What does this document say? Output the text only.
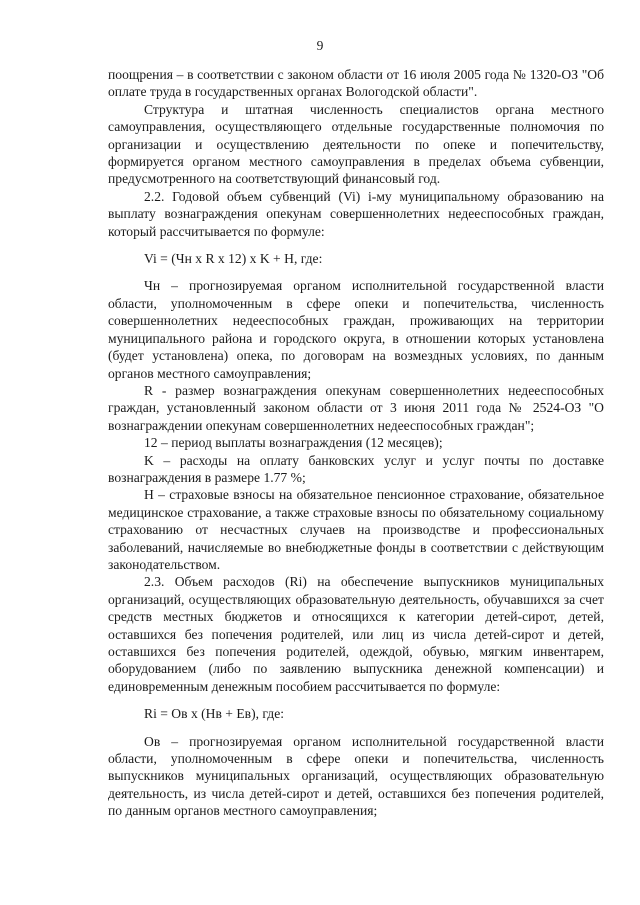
9

поощрения – в соответствии с законом области от 16 июля 2005 года № 1320-ОЗ "Об оплате труда в государственных органах Вологодской области".

Структура и штатная численность специалистов органа местного самоуправления, осуществляющего отдельные государственные полномочия по организации и осуществлению деятельности по опеке и попечительству, формируется органом местного самоуправления в пределах объема субвенции, предусмотренного на соответствующий финансовый год.

2.2. Годовой объем субвенций (Vi) i-му муниципальному образованию на выплату вознаграждения опекунам совершеннолетних недееспособных граждан, который рассчитывается по формуле:

Vi = (Чн x R x 12) x K + Н, где:

Чн – прогнозируемая органом исполнительной государственной власти области, уполномоченным в сфере опеки и попечительства, численность совершеннолетних недееспособных граждан, проживающих на территории муниципального района и городского округа, в отношении которых установлена (будет установлена) опека, по договорам на возмездных условиях, по данным органов местного самоуправления;

R - размер вознаграждения опекунам совершеннолетних недееспособных граждан, установленный законом области от 3 июня 2011 года № 2524-ОЗ "О вознаграждении опекунам совершеннолетних недееспособных граждан";

12 – период выплаты вознаграждения (12 месяцев);

K – расходы на оплату банковских услуг и услуг почты по доставке вознаграждения в размере 1.77 %;

Н – страховые взносы на обязательное пенсионное страхование, обязательное медицинское страхование, а также страховые взносы по обязательному социальному страхованию от несчастных случаев на производстве и профессиональных заболеваний, начисляемые во внебюджетные фонды в соответствии с действующим законодательством.

2.3. Объем расходов (Ri) на обеспечение выпускников муниципальных организаций, осуществляющих образовательную деятельность, обучавшихся за счет средств местных бюджетов и относящихся к категории детей-сирот, детей, оставшихся без попечения родителей, или лиц из числа детей-сирот и детей, оставшихся без попечения родителей, одеждой, обувью, мягким инвентарем, оборудованием (либо по заявлению выпускника денежной компенсации) и единовременным денежным пособием рассчитывается по формуле:

Ri = Ов x (Нв + Ев), где:

Ов – прогнозируемая органом исполнительной государственной власти области, уполномоченным в сфере опеки и попечительства, численность выпускников муниципальных организаций, осуществляющих образовательную деятельность, из числа детей-сирот и детей, оставшихся без попечения родителей, по данным органов местного самоуправления;
